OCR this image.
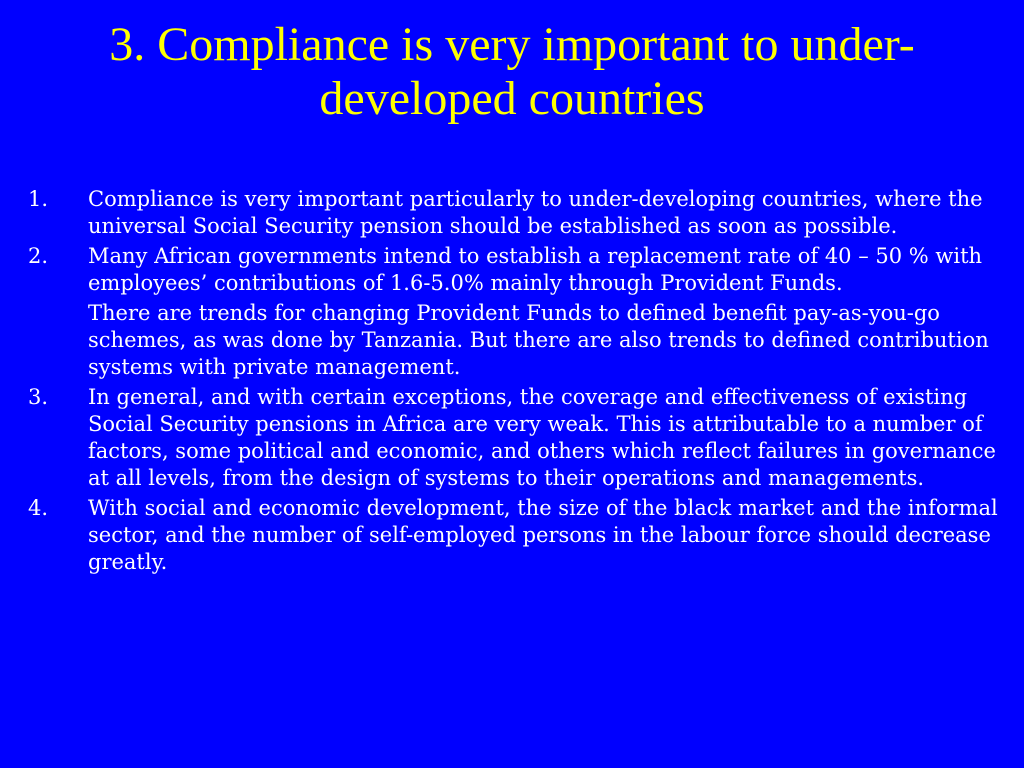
3. Compliance is very important to under-developed countries
1.	Compliance is very important particularly to under-developing countries, where the universal Social Security pension should be established as soon as possible.
2.	Many African governments intend to establish a replacement rate of 40 – 50 % with employees’ contributions of 1.6-5.0% mainly through Provident Funds.
There are trends for changing Provident Funds to defined benefit pay-as-you-go schemes, as was done by Tanzania. But there are also trends to defined contribution systems with private management.
3.	In general, and with certain exceptions, the coverage and effectiveness of existing Social Security pensions in Africa are very weak. This is attributable to a number of factors, some political and economic, and others which reflect failures in governance at all levels, from the design of systems to their operations and managements.
4.	With social and economic development, the size of the black market and the informal sector, and the number of self-employed persons in the labour force should decrease greatly.
